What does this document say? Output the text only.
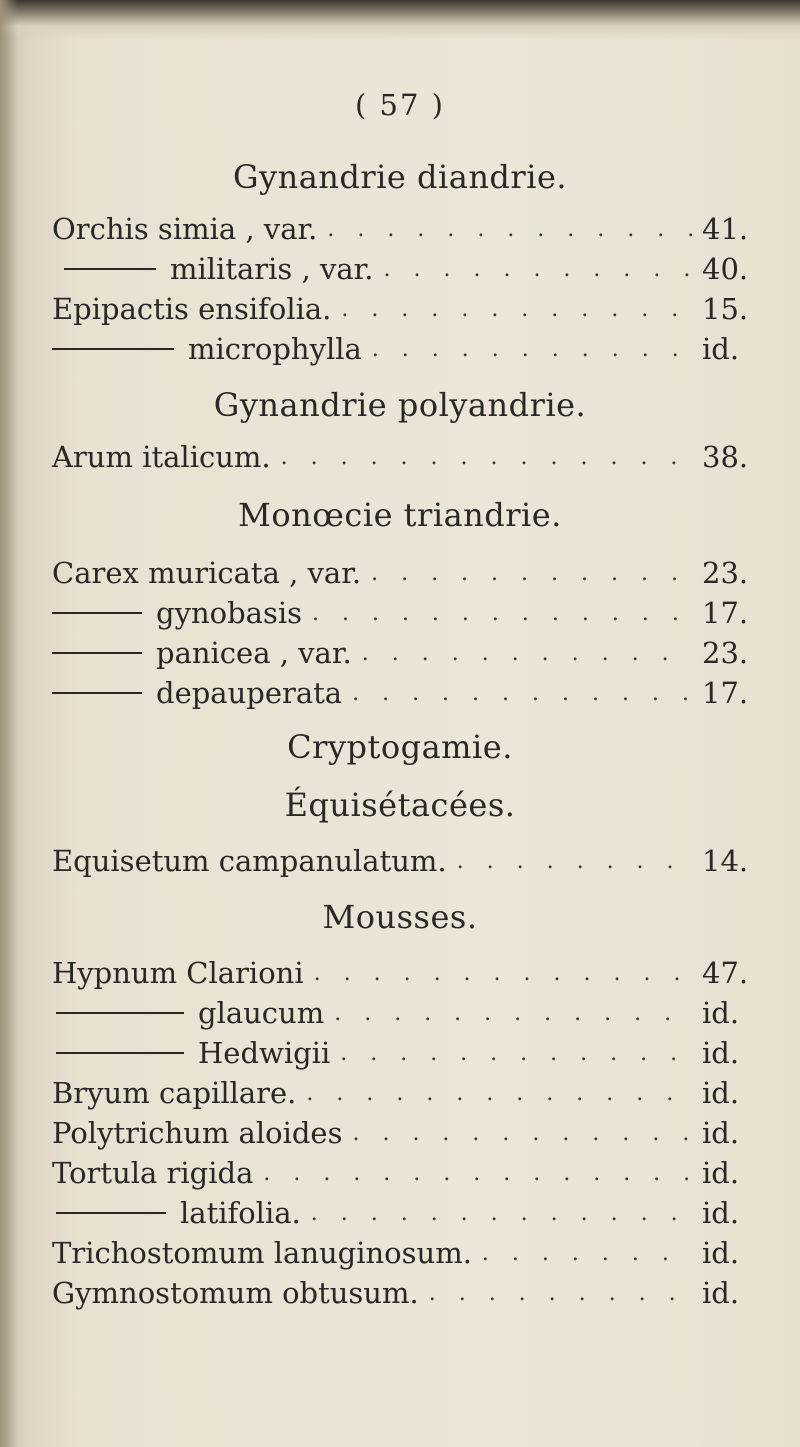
( 57 )
Gynandrie diandrie.
Orchis simia , var. . . .	41.
militaris , var. . . .	40.
Epipactis ensifolia. . . .	15.
microphylla . . .	id.
Gynandrie polyandrie.
Arum italicum. . . .	38.
Monœcie triandrie.
Carex muricata , var. . . .	23.
gynobasis . . .	17.
panicea , var. . . .	23.
depauperata . . .	17.
Cryptogamie.
Équisétacées.
Equisetum campanulatum. . . .	14.
Mousses.
Hypnum Clarioni . . .	47.
glaucum . . .	id.
Hedwigii . . .	id.
Bryum capillare. . . .	id.
Polytrichum aloides . . .	id.
Tortula rigida . . .	id.
latifolia. . . .	id.
Trichostomum lanuginosum. . . .	id.
Gymnostomum obtusum. . . .	id.
